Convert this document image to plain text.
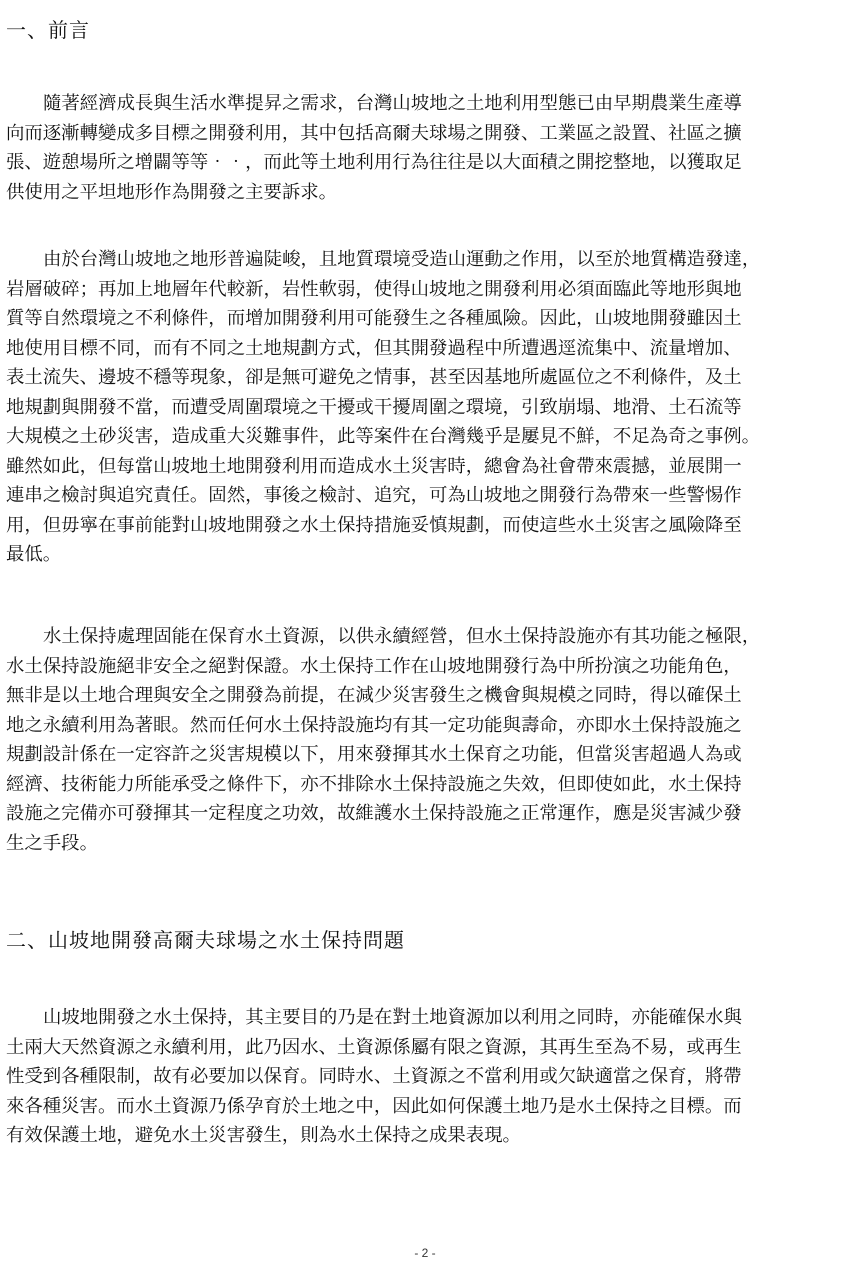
一、前言

隨著經濟成長與生活水準提昇之需求，台灣山坡地之土地利用型態已由早期農業生產導
向而逐漸轉變成多目標之開發利用，其中包括高爾夫球場之開發、工業區之設置、社區之擴
張、遊憩場所之增闢等等‧‧，而此等土地利用行為往往是以大面積之開挖整地，以獲取足
供使用之平坦地形作為開發之主要訴求。

由於台灣山坡地之地形普遍陡峻，且地質環境受造山運動之作用，以至於地質構造發達，
岩層破碎；再加上地層年代較新，岩性軟弱，使得山坡地之開發利用必須面臨此等地形與地
質等自然環境之不利條件，而增加開發利用可能發生之各種風險。因此，山坡地開發雖因土
地使用目標不同，而有不同之土地規劃方式，但其開發過程中所遭遇逕流集中、流量增加、
表土流失、邊坡不穩等現象，卻是無可避免之情事，甚至因基地所處區位之不利條件，及土
地規劃與開發不當，而遭受周圍環境之干擾或干擾周圍之環境，引致崩塌、地滑、土石流等
大規模之土砂災害，造成重大災難事件，此等案件在台灣幾乎是屢見不鮮，不足為奇之事例。
雖然如此，但每當山坡地土地開發利用而造成水土災害時，總會為社會帶來震撼，並展開一
連串之檢討與追究責任。固然，事後之檢討、追究，可為山坡地之開發行為帶來一些警惕作
用，但毋寧在事前能對山坡地開發之水土保持措施妥慎規劃，而使這些水土災害之風險降至
最低。

水土保持處理固能在保育水土資源，以供永續經營，但水土保持設施亦有其功能之極限，
水土保持設施絕非安全之絕對保證。水土保持工作在山坡地開發行為中所扮演之功能角色，
無非是以土地合理與安全之開發為前提，在減少災害發生之機會與規模之同時，得以確保土
地之永續利用為著眼。然而任何水土保持設施均有其一定功能與壽命，亦即水土保持設施之
規劃設計係在一定容許之災害規模以下，用來發揮其水土保育之功能，但當災害超過人為或
經濟、技術能力所能承受之條件下，亦不排除水土保持設施之失效，但即使如此，水土保持
設施之完備亦可發揮其一定程度之功效，故維護水土保持設施之正常運作，應是災害減少發
生之手段。

二、山坡地開發高爾夫球場之水土保持問題

山坡地開發之水土保持，其主要目的乃是在對土地資源加以利用之同時，亦能確保水與
土兩大天然資源之永續利用，此乃因水、土資源係屬有限之資源，其再生至為不易，或再生
性受到各種限制，故有必要加以保育。同時水、土資源之不當利用或欠缺適當之保育，將帶
來各種災害。而水土資源乃係孕育於土地之中，因此如何保護土地乃是水土保持之目標。而
有效保護土地，避免水土災害發生，則為水土保持之成果表現。

- 2 -
